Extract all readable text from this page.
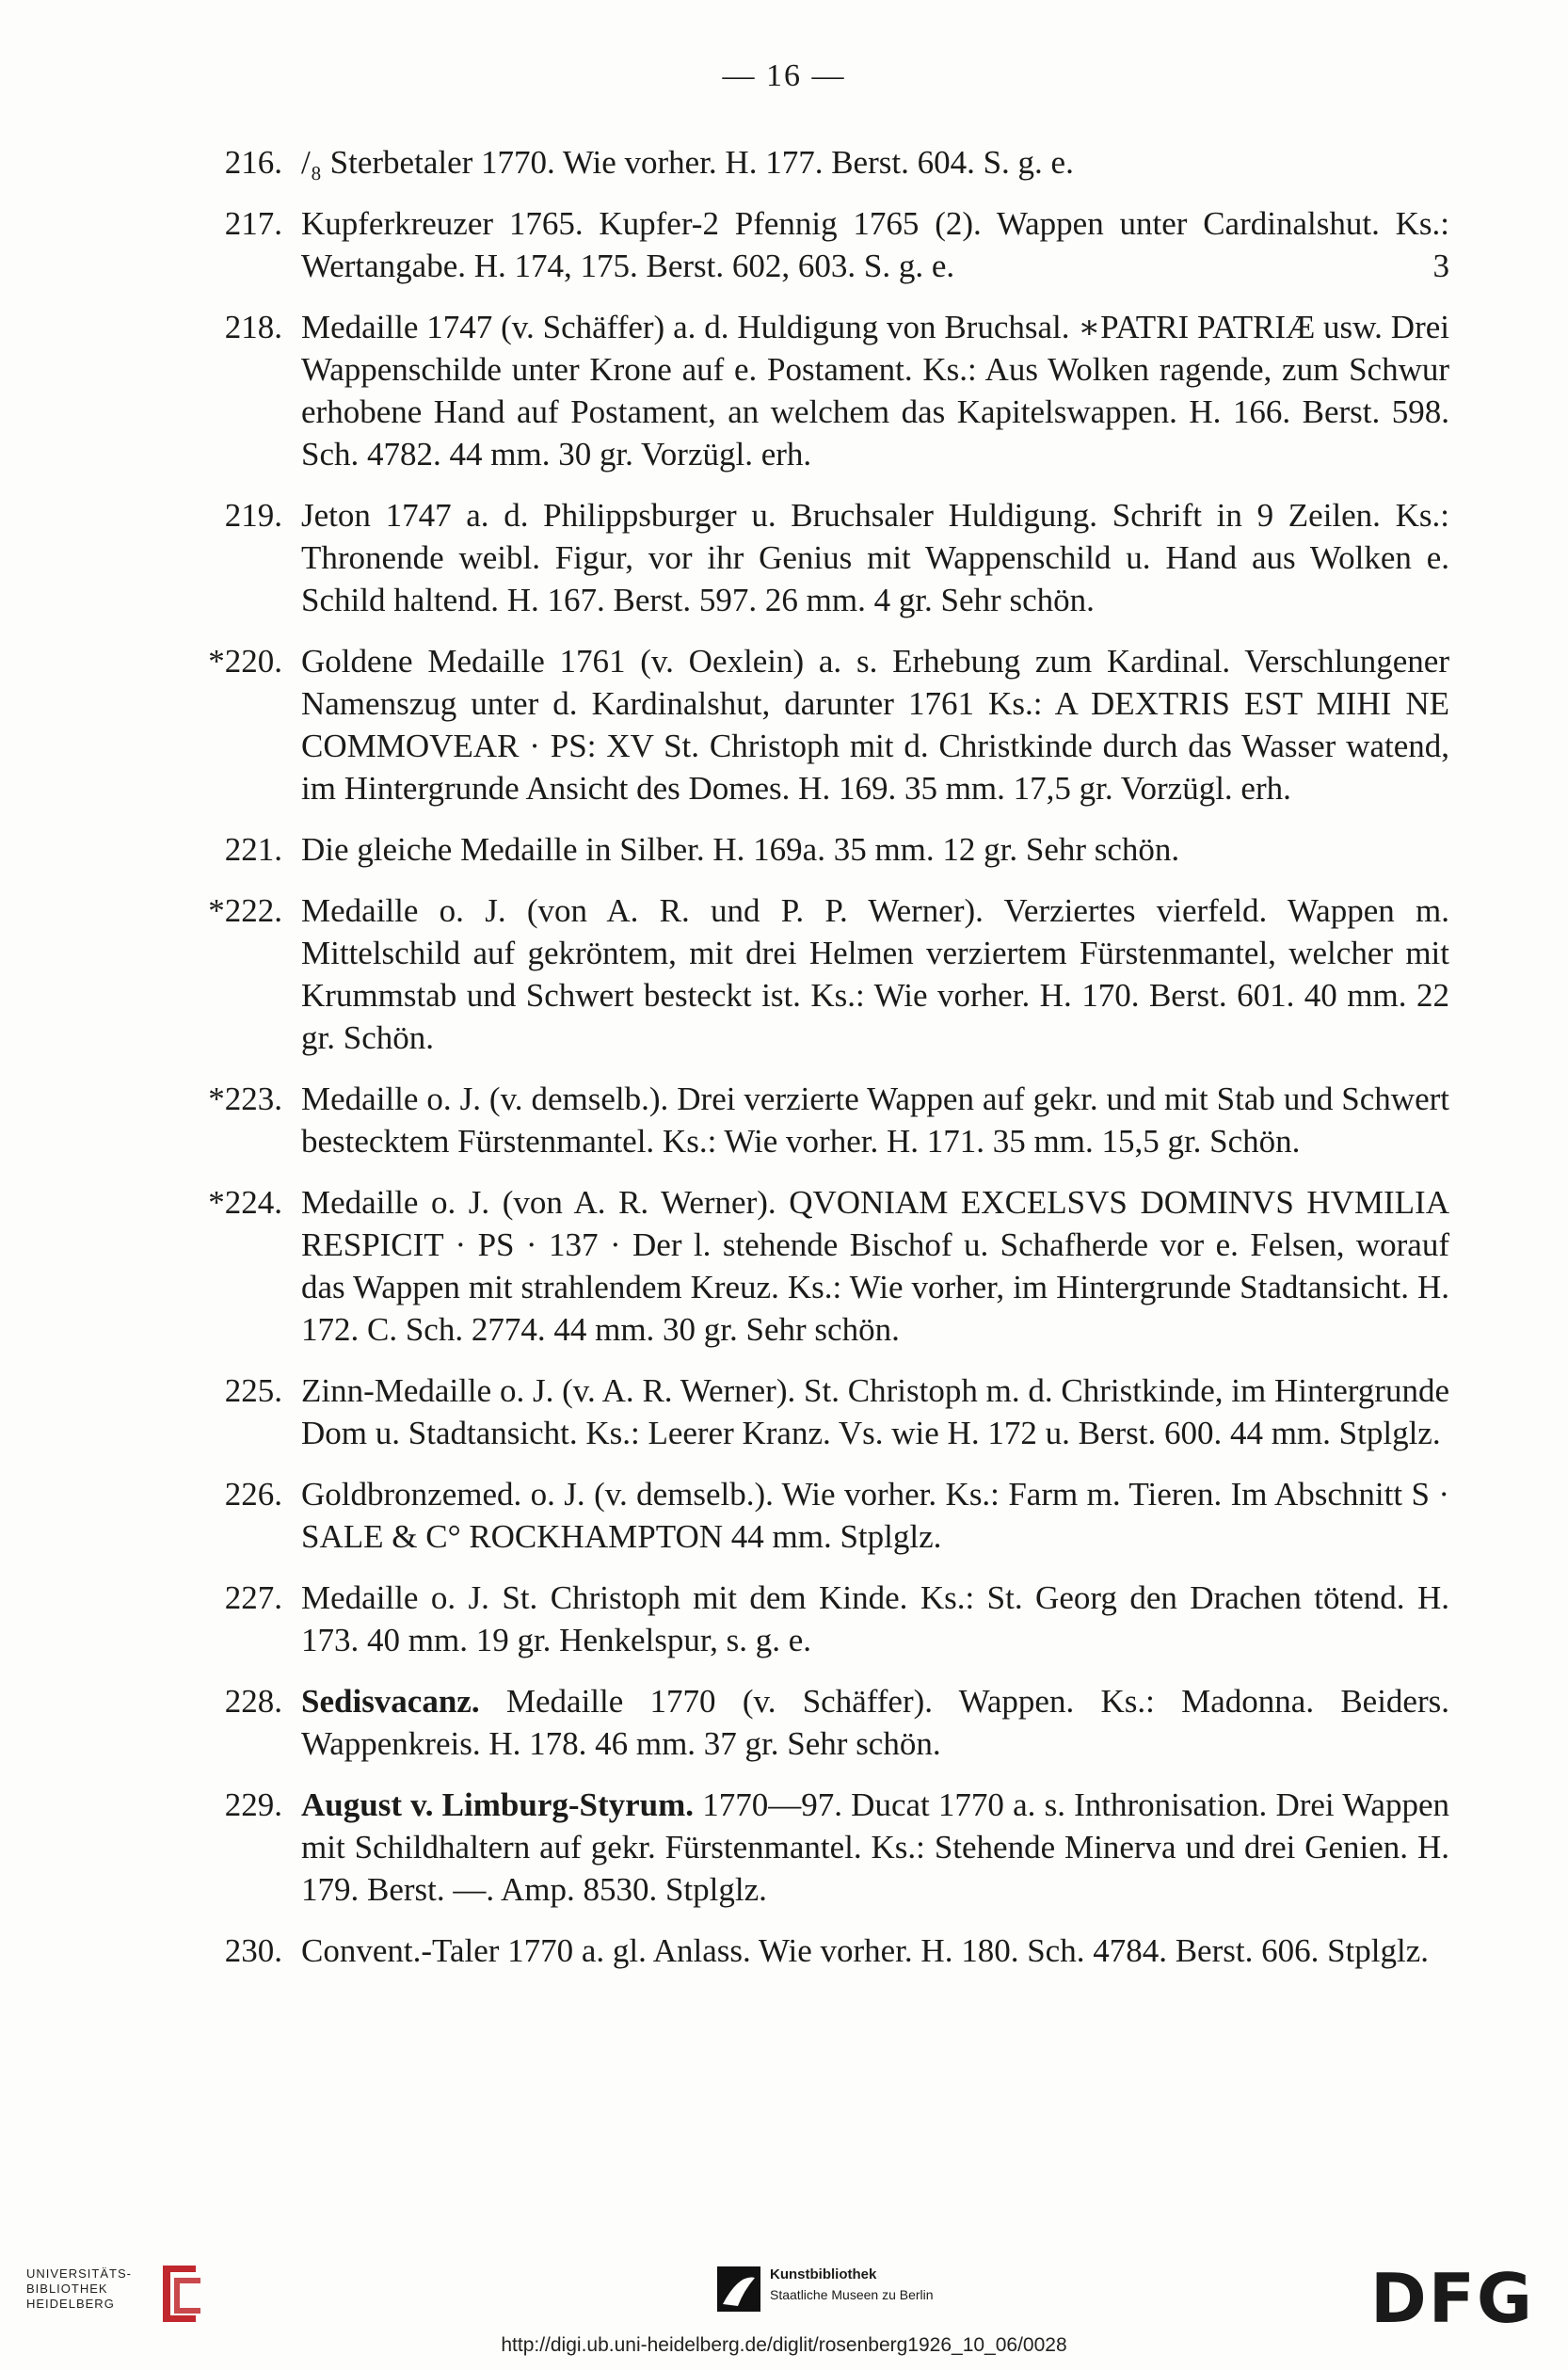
— 16 —
216. /₈ Sterbetaler 1770. Wie vorher. H. 177. Berst. 604. S. g. e.
217. Kupferkreuzer 1765. Kupfer-2 Pfennig 1765 (2). Wappen unter Cardinalshut. Ks.: Wertangabe. H. 174, 175. Berst. 602, 603. S. g. e.	3
218. Medaille 1747 (v. Schäffer) a. d. Huldigung von Bruchsal. ∗PATRI PATRIÆ usw. Drei Wappenschilde unter Krone auf e. Postament. Ks.: Aus Wolken ragende, zum Schwur erhobene Hand auf Postament, an welchem das Kapitelswappen. H. 166. Berst. 598. Sch. 4782. 44 mm. 30 gr. Vorzügl. erh.
219. Jeton 1747 a. d. Philippsburger u. Bruchsaler Huldigung. Schrift in 9 Zeilen. Ks.: Thronende weibl. Figur, vor ihr Genius mit Wappenschild u. Hand aus Wolken e. Schild haltend. H. 167. Berst. 597. 26 mm. 4 gr. Sehr schön.
*220. Goldene Medaille 1761 (v. Oexlein) a. s. Erhebung zum Kardinal. Verschlungener Namenszug unter d. Kardinalshut, darunter 1761 Ks.: A DEXTRIS EST MIHI NE COMMOVEAR · PS: XV St. Christoph mit d. Christkinde durch das Wasser watend, im Hintergrunde Ansicht des Domes. H. 169. 35 mm. 17,5 gr. Vorzügl. erh.
221. Die gleiche Medaille in Silber. H. 169a. 35 mm. 12 gr. Sehr schön.
*222. Medaille o. J. (von A. R. und P. P. Werner). Verziertes vierfeld. Wappen m. Mittelschild auf gekröntem, mit drei Helmen verziertem Fürstenmantel, welcher mit Krummstab und Schwert besteckt ist. Ks.: Wie vorher. H. 170. Berst. 601. 40 mm. 22 gr. Schön.
*223. Medaille o. J. (v. demselb.). Drei verzierte Wappen auf gekr. und mit Stab und Schwert bestecktem Fürstenmantel. Ks.: Wie vorher. H. 171. 35 mm. 15,5 gr. Schön.
*224. Medaille o. J. (von A. R. Werner). QVONIAM EXCELSVS DOMINVS HVMILIA RESPICIT · PS · 137 · Der l. stehende Bischof u. Schafherde vor e. Felsen, worauf das Wappen mit strahlendem Kreuz. Ks.: Wie vorher, im Hintergrunde Stadtansicht. H. 172. C. Sch. 2774. 44 mm. 30 gr. Sehr schön.
225. Zinn-Medaille o. J. (v. A. R. Werner). St. Christoph m. d. Christkinde, im Hintergrunde Dom u. Stadtansicht. Ks.: Leerer Kranz. Vs. wie H. 172 u. Berst. 600. 44 mm. Stplglz.
226. Goldbronzemed. o. J. (v. demselb.). Wie vorher. Ks.: Farm m. Tieren. Im Abschnitt S · SALE & C° ROCKHAMPTON 44 mm. Stplglz.
227. Medaille o. J. St. Christoph mit dem Kinde. Ks.: St. Georg den Drachen tötend. H. 173. 40 mm. 19 gr. Henkelspur, s. g. e.
228. Sedisvacanz. Medaille 1770 (v. Schäffer). Wappen. Ks.: Madonna. Beiders. Wappenkreis. H. 178. 46 mm. 37 gr. Sehr schön.
229. August v. Limburg-Styrum. 1770—97. Ducat 1770 a. s. Inthronisation. Drei Wappen mit Schildhaltern auf gekr. Fürstenmantel. Ks.: Stehende Minerva und drei Genien. H. 179. Berst. —. Amp. 8530. Stplglz.
230. Convent.-Taler 1770 a. gl. Anlass. Wie vorher. H. 180. Sch. 4784. Berst. 606. Stplglz.
UNIVERSITÄTS-
BIBLIOTHEK
HEIDELBERG
Kunstbibliothek
Staatliche Museen zu Berlin	DFG
http://digi.ub.uni-heidelberg.de/diglit/rosenberg1926_10_06/0028
